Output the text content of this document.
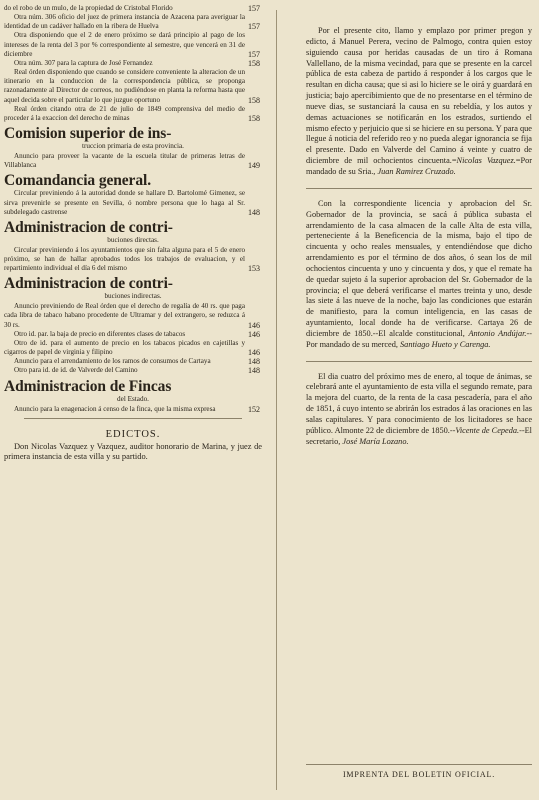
do el robo de un mulo, de la propiedad de Cristobal Florido	157
Otra núm. 306 oficio del juez de primera instancia de Azacena para averiguar la identidad de un cadáver hallado en la ribera de Huelva	157
Otra disponiendo que el 2 de enero próximo se dará principio al pago de los intereses de la renta del 3 por % correspondiente al semestre, que vencerá en 31 de diciembre	157
Otra núm. 307 para la captura de José Fernandez	158
Real órden disponiendo que cuando se considere conveniente la alteracion de un itinerario en la conduccion de la correspondencia pública, se proponga razonadamente al Director de correos, no pudiéndose en planta la reforma hasta que aquel decida sobre el particular lo que juzgue oportuno	158
Real órden citando otra de 21 de julio de 1849 comprensiva del medio de proceder á la exaccion del derecho de minas	158
Comision superior de ins-
truccion primaria de esta provincia.
Anuncio para proveer la vacante de la escuela titular de primeras letras de Villablanca	149
Comandancia general.
Circular previniendo á la autoridad donde se hallare D. Bartolomé Gimenez, se sirva prevenirle se presente en Sevilla, ó nombre persona que lo haga al Sr. subdelegado castrense	148
Administracion de contri-
buciones directas.
Circular previniendo á los ayuntamientos que sin falta alguna para el 5 de enero próximo, se han de hallar aprobados todos los trabajos de evaluacion, y el repartimiento individual el día 6 del mismo	153
Administracion de contri-
buciones indirectas.
Anuncio previniendo de Real órden que el derecho de regalía de 40 rs. que paga cada libra de tabaco habano procedente de Ultramar y del extrangero, se reduzca á 30 rs.	146
Otro id. par. la baja de precio en diferentes clases de tabacos	146
Otro de id. para el aumento de precio en los tabacos picados en cajetillas y cigarros de papel de virginia y filipino	146
Anuncio para el arrendamiento de los ramos de consumos de Cartaya	148
Otro para id. de id. de Valverde del Camino	148
Administracion de Fincas
del Estado.
Anuncio para la enagenacion á censo de la finca, que la misma expresa	152
EDICTOS.

Don Nicolas Vazquez y Vazquez, auditor honorario de Marina, y juez de primera instancia de esta villa y su partido.

Por el presente cito, llamo y emplazo por primer pregon y edicto, á Manuel Perera, vecino de Palmogo, contra quien estoy siguiendo causa por heridas causadas de un tiro á Romana Vallellano, de la misma vecindad, para que se presente en la carcel pública de esta cabeza de partido á responder á los cargos que le resultan en dicha causa; que si asi lo hiciere se le oirá y guardará en justicia; bajo apercibimiento que de no presentarse en el término de nueve dias, se sustanciará la causa en su rebeldía, y los autos y demas actuaciones se notificarán en los estrados, surtiendo el mismo efecto y perjuicio que si se hiciere en su persona. Y para que llegue á noticia del referido reo y no pueda alegar ignorancia se fija el presente. Dado en Valverde del Camino á veinte y cuatro de diciembre de mil ochocientos cincuenta.=Nicolas Vazquez.=Por mandado de su Sria., Juan Ramirez Cruzado.

Con la correspondiente licencia y aprobacion del Sr. Gobernador de la provincia, se sacá á pública subasta el arrendamiento de la casa almacen de la calle Alta de esta villa, perteneciente á la Beneficencia de la misma, bajo el tipo de cincuenta y ocho reales mensuales, y entendiéndose que dicho arrendamiento es por el término de dos años, ó sean los de mil ochocientos cincuenta y uno y cincuenta y dos, y que el remate ha de quedar sujeto á la superior aprobacion del Sr. Gobernador de la provincia; el que deberá verificarse el martes treinta y uno, desde las siete á las nueve de la noche, bajo las condiciones que estarán de manifiesto, para la comun inteligencia, en las casas de ayuntamiento, local donde ha de verificarse. Cartaya 26 de diciembre de 1850.--El alcalde constitucional, Antonio Andújar.--Por mandado de su merced, Santiago Hueto y Carenga.

El dia cuatro del próximo mes de enero, al toque de ánimas, se celebrará ante el ayuntamiento de esta villa el segundo remate, para la mejora del cuarto, de la renta de la casa pescadería, para el año de 1851, á cuyo intento se abrirán los estrados á las oraciones en las salas capitulares. Y para conocimiento de los licitadores se hace público. Almonte 22 de diciembre de 1850.--Vicente de Cepeda.--El secretario, José María Lozano.

IMPRENTA DEL BOLETIN OFICIAL.
